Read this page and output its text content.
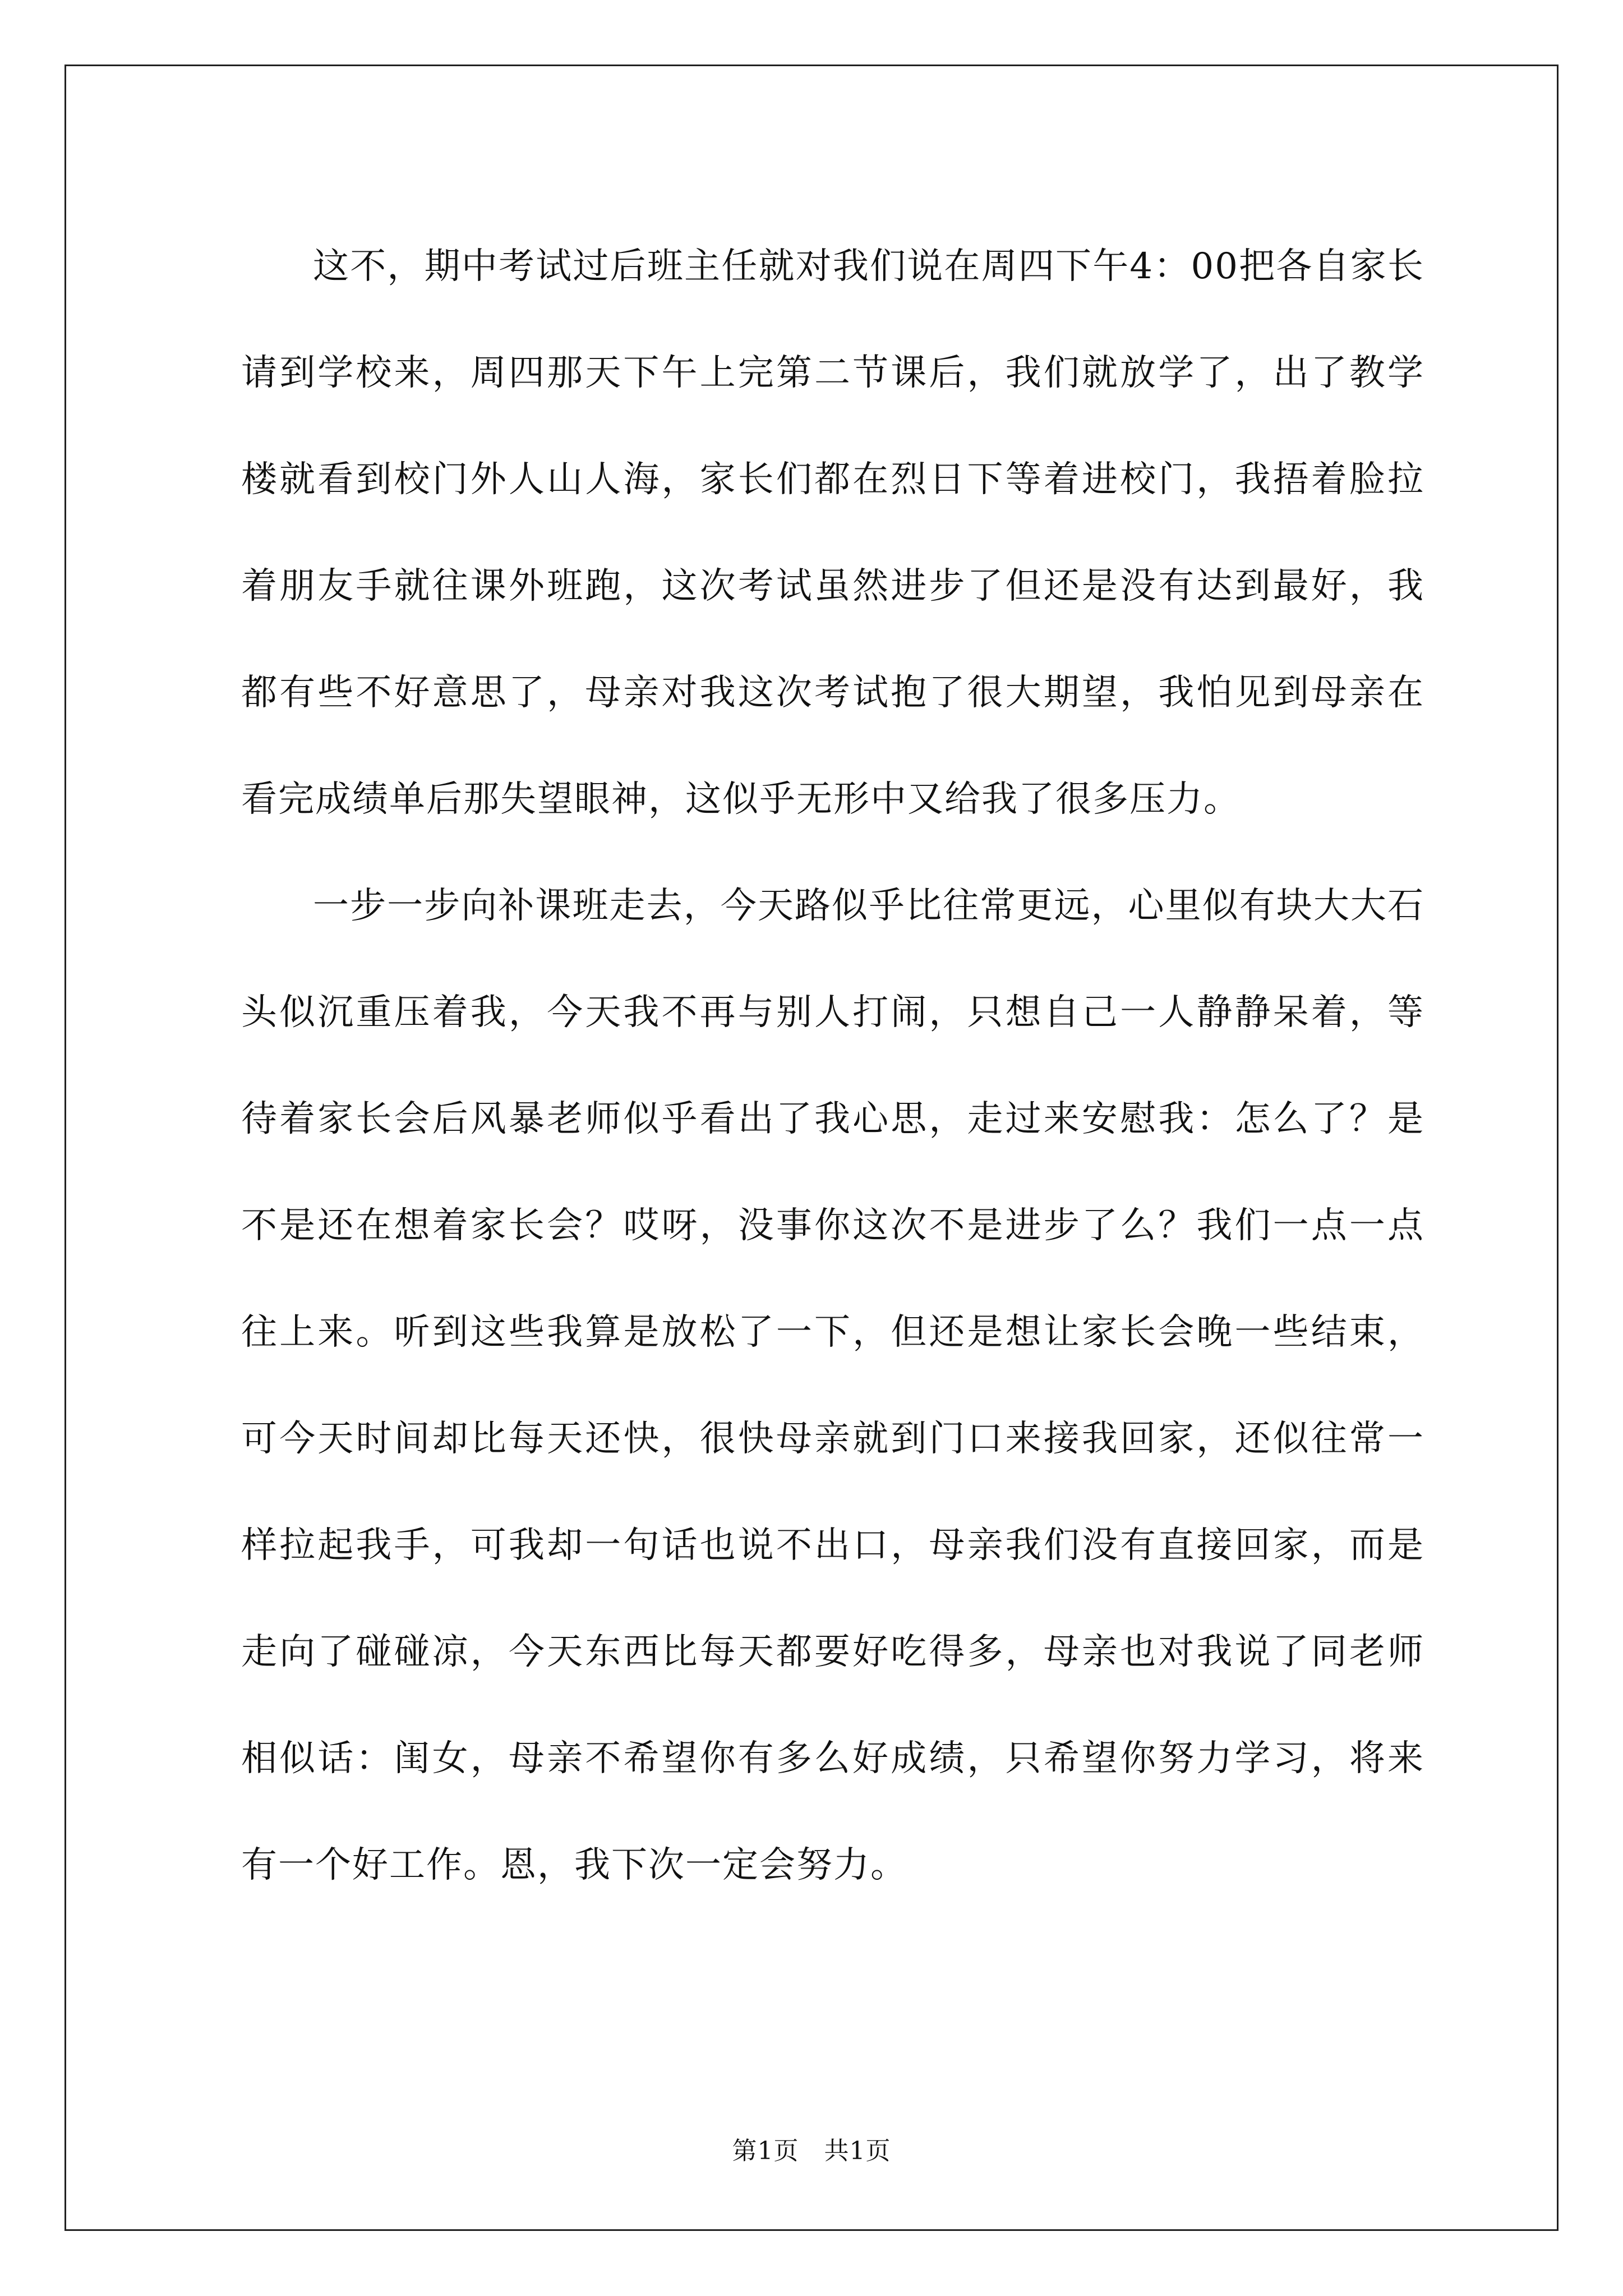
这不，期中考试过后班主任就对我们说在周四下午4：00把各自家长请到学校来，周四那天下午上完第二节课后，我们就放学了，出了教学楼就看到校门外人山人海，家长们都在烈日下等着进校门，我捂着脸拉着朋友手就往课外班跑，这次考试虽然进步了但还是没有达到最好，我都有些不好意思了，母亲对我这次考试抱了很大期望，我怕见到母亲在看完成绩单后那失望眼神，这似乎无形中又给我了很多压力。

一步一步向补课班走去，今天路似乎比往常更远，心里似有块大大石头似沉重压着我，今天我不再与别人打闹，只想自己一人静静呆着，等待着家长会后风暴老师似乎看出了我心思，走过来安慰我：怎么了？是不是还在想着家长会？哎呀，没事你这次不是进步了么？我们一点一点往上来。听到这些我算是放松了一下，但还是想让家长会晚一些结束，可今天时间却比每天还快，很快母亲就到门口来接我回家，还似往常一样拉起我手，可我却一句话也说不出口，母亲我们没有直接回家，而是走向了碰碰凉，今天东西比每天都要好吃得多，母亲也对我说了同老师相似话：闺女，母亲不希望你有多么好成绩，只希望你努力学习，将来有一个好工作。恩，我下次一定会努力。

第1页　共1页
